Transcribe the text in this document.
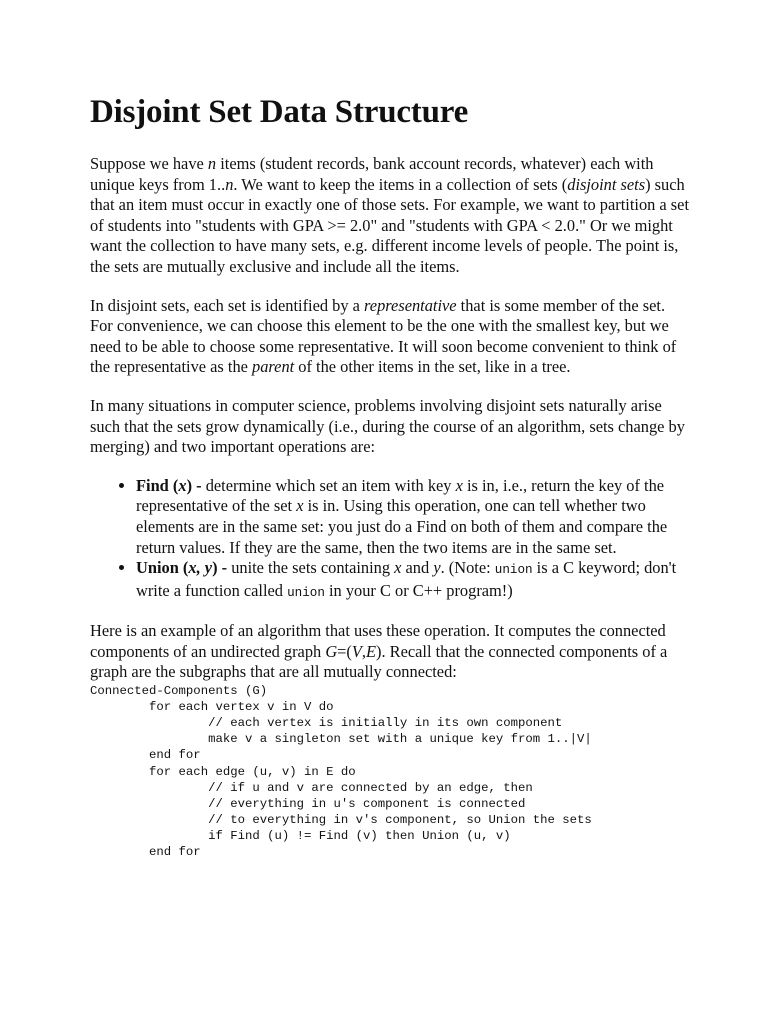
Disjoint Set Data Structure

Suppose we have n items (student records, bank account records, whatever) each with unique keys from 1..n. We want to keep the items in a collection of sets (disjoint sets) such that an item must occur in exactly one of those sets. For example, we want to partition a set of students into "students with GPA >= 2.0" and "students with GPA < 2.0." Or we might want the collection to have many sets, e.g. different income levels of people. The point is, the sets are mutually exclusive and include all the items.

In disjoint sets, each set is identified by a representative that is some member of the set. For convenience, we can choose this element to be the one with the smallest key, but we need to be able to choose some representative. It will soon become convenient to think of the representative as the parent of the other items in the set, like in a tree.

In many situations in computer science, problems involving disjoint sets naturally arise such that the sets grow dynamically (i.e., during the course of an algorithm, sets change by merging) and two important operations are:

• Find (x) - determine which set an item with key x is in, i.e., return the key of the representative of the set x is in. Using this operation, one can tell whether two elements are in the same set: you just do a Find on both of them and compare the return values. If they are the same, then the two items are in the same set.
• Union (x, y) - unite the sets containing x and y. (Note: union is a C keyword; don't write a function called union in your C or C++ program!)

Here is an example of an algorithm that uses these operation. It computes the connected components of an undirected graph G=(V,E). Recall that the connected components of a graph are the subgraphs that are all mutually connected:

Connected-Components (G)
for each vertex v in V do
// each vertex is initially in its own component
make v a singleton set with a unique key from 1..|V|
end for
for each edge (u, v) in E do
// if u and v are connected by an edge, then
// everything in u's component is connected
// to everything in v's component, so Union the sets
if Find (u) != Find (v) then Union (u, v)
end for
